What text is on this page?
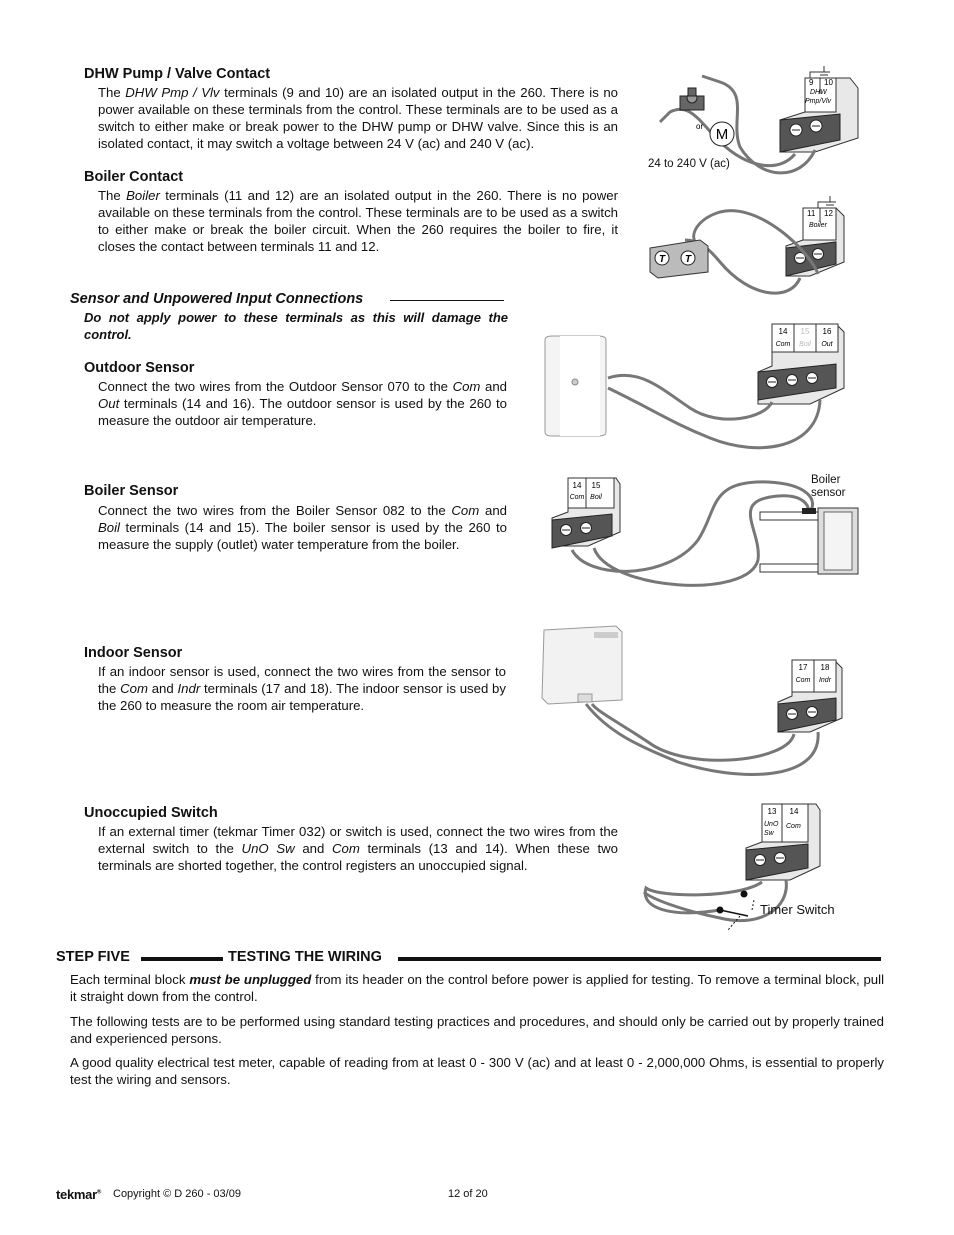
DHW Pump / Valve Contact
The DHW Pmp / Vlv terminals (9 and 10) are an isolated output in the 260. There is no power available on these terminals from the control. These terminals are to be used as a switch to either make or break power to the DHW pump or DHW valve. Since this is an isolated contact, it may switch a voltage between 24 V (ac) and 240 V (ac).
Boiler Contact
The Boiler terminals (11 and 12) are an isolated output in the 260. There is no power available on these terminals from the control. These terminals are to be used as a switch to either make or break the boiler circuit. When the 260 requires the boiler to fire, it closes the contact between terminals 11 and 12.
Sensor and Unpowered Input Connections
Do not apply power to these terminals as this will damage the control.
Outdoor Sensor
Connect the two wires from the Outdoor Sensor 070 to the Com and Out terminals (14 and 16). The outdoor sensor is used by the 260 to measure the outdoor air temperature.
Boiler Sensor
Connect the two wires from the Boiler Sensor 082 to the Com and Boil terminals (14 and 15). The boiler sensor is used by the 260 to measure the supply (outlet) water temperature from the boiler.
Indoor Sensor
If an indoor sensor is used, connect the two wires from the sensor to the Com and Indr terminals (17 and 18). The indoor sensor is used by the 260 to measure the room air temperature.
Unoccupied Switch
If an external timer (tekmar Timer 032) or switch is used, connect the two wires from the external switch to the UnO Sw and Com terminals (13 and 14). When these two terminals are shorted together, the control registers an unoccupied signal.
M
or
9 10
DHW
Pmp/Vlv
24 to 240 V (ac)
T T
11 12
Boiler
14 15 16
Com Boil Out
14 15
Com Boil
Boiler
sensor
17 18
Com Indr
13 14
UnO
Sw
Com
Timer Switch
STEP FIVE	TESTING THE WIRING
Each terminal block must be unplugged from its header on the control before power is applied for testing. To remove a terminal block, pull it straight down from the control.
The following tests are to be performed using standard testing practices and procedures, and should only be carried out by properly trained and experienced persons.
A good quality electrical test meter, capable of reading from at least 0 - 300 V (ac) and at least 0 - 2,000,000 Ohms, is essential to properly test the wiring and sensors.
tekmar® Copyright © D 260 - 03/09	12 of 20
